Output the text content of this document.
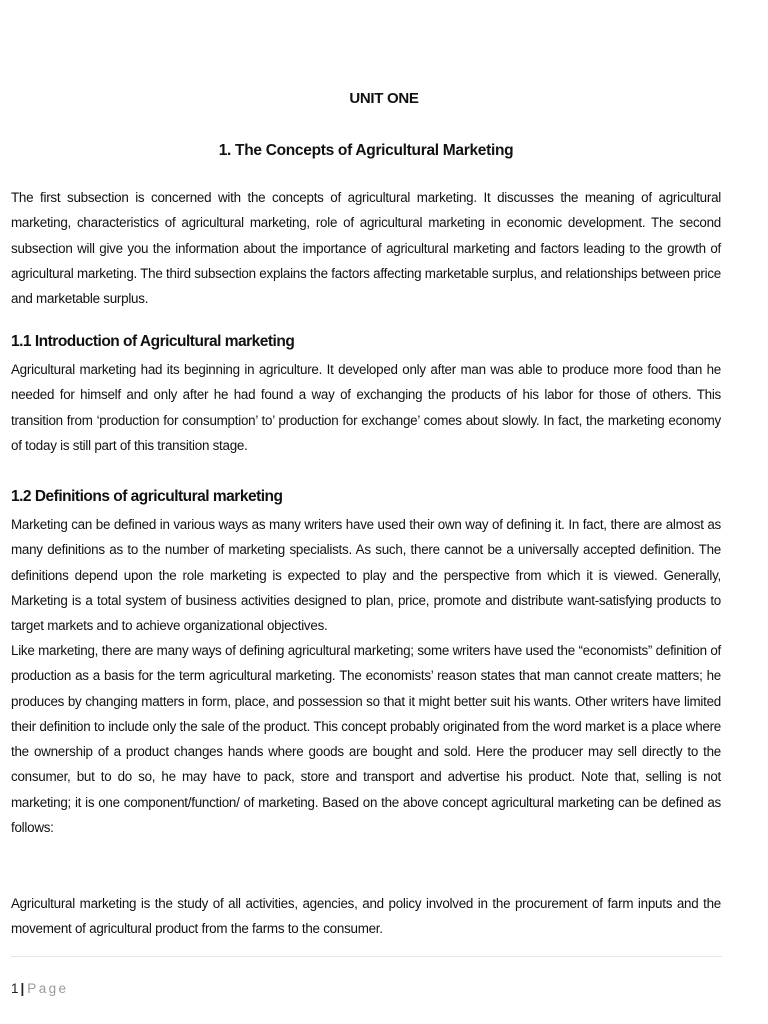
UNIT ONE
1. The Concepts of Agricultural Marketing

The first subsection is concerned with the concepts of agricultural marketing. It discusses the meaning of agricultural marketing, characteristics of agricultural marketing, role of agricultural marketing in economic development. The second subsection will give you the information about the importance of agricultural marketing and factors leading to the growth of agricultural marketing. The third subsection explains the factors affecting marketable surplus, and relationships between price and marketable surplus.

1.1 Introduction of Agricultural marketing

Agricultural marketing had its beginning in agriculture. It developed only after man was able to produce more food than he needed for himself and only after he had found a way of exchanging the products of his labor for those of others. This transition from ‘production for consumption’ to’ production for exchange’ comes about slowly. In fact, the marketing economy of today is still part of this transition stage.

1.2 Definitions of agricultural marketing

Marketing can be defined in various ways as many writers have used their own way of defining it. In fact, there are almost as many definitions as to the number of marketing specialists. As such, there cannot be a universally accepted definition. The definitions depend upon the role marketing is expected to play and the perspective from which it is viewed. Generally, Marketing is a total system of business activities designed to plan, price, promote and distribute want-satisfying products to target markets and to achieve organizational objectives.

Like marketing, there are many ways of defining agricultural marketing; some writers have used the “economists” definition of production as a basis for the term agricultural marketing. The economists’ reason states that man cannot create matters; he produces by changing matters in form, place, and possession so that it might better suit his wants. Other writers have limited their definition to include only the sale of the product. This concept probably originated from the word market is a place where the ownership of a product changes hands where goods are bought and sold. Here the producer may sell directly to the consumer, but to do so, he may have to pack, store and transport and advertise his product. Note that, selling is not marketing; it is one component/function/ of marketing. Based on the above concept agricultural marketing can be defined as follows:

Agricultural marketing is the study of all activities, agencies, and policy involved in the procurement of farm inputs and the movement of agricultural product from the farms to the consumer.

1 | Page
